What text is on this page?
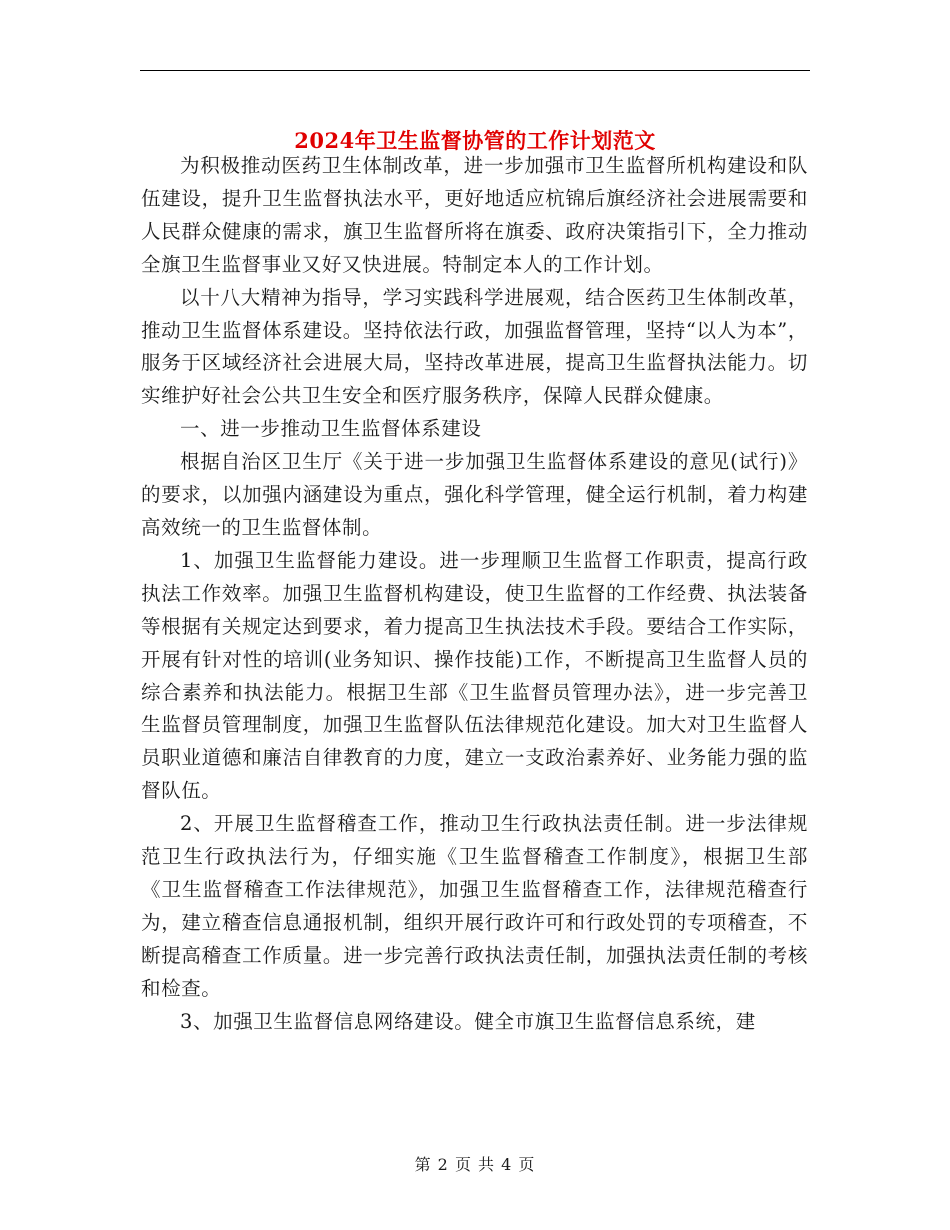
2024年卫生监督协管的工作计划范文

为积极推动医药卫生体制改革，进一步加强市卫生监督所机构建设和队伍建设，提升卫生监督执法水平，更好地适应杭锦后旗经济社会进展需要和人民群众健康的需求，旗卫生监督所将在旗委、政府决策指引下，全力推动全旗卫生监督事业又好又快进展。特制定本人的工作计划。

以十八大精神为指导，学习实践科学进展观，结合医药卫生体制改革，推动卫生监督体系建设。坚持依法行政，加强监督管理，坚持“以人为本”，服务于区域经济社会进展大局，坚持改革进展，提高卫生监督执法能力。切实维护好社会公共卫生安全和医疗服务秩序，保障人民群众健康。

一、进一步推动卫生监督体系建设

根据自治区卫生厅《关于进一步加强卫生监督体系建设的意见(试行)》的要求，以加强内涵建设为重点，强化科学管理，健全运行机制，着力构建高效统一的卫生监督体制。

1、加强卫生监督能力建设。进一步理顺卫生监督工作职责，提高行政执法工作效率。加强卫生监督机构建设，使卫生监督的工作经费、执法装备等根据有关规定达到要求，着力提高卫生执法技术手段。要结合工作实际，开展有针对性的培训(业务知识、操作技能)工作，不断提高卫生监督人员的综合素养和执法能力。根据卫生部《卫生监督员管理办法》，进一步完善卫生监督员管理制度，加强卫生监督队伍法律规范化建设。加大对卫生监督人员职业道德和廉洁自律教育的力度，建立一支政治素养好、业务能力强的监督队伍。

2、开展卫生监督稽查工作，推动卫生行政执法责任制。进一步法律规范卫生行政执法行为，仔细实施《卫生监督稽查工作制度》，根据卫生部《卫生监督稽查工作法律规范》，加强卫生监督稽查工作，法律规范稽查行为，建立稽查信息通报机制，组织开展行政许可和行政处罚的专项稽查，不断提高稽查工作质量。进一步完善行政执法责任制，加强执法责任制的考核和检查。

3、加强卫生监督信息网络建设。健全市旗卫生监督信息系统，建

第 2 页 共 4 页
